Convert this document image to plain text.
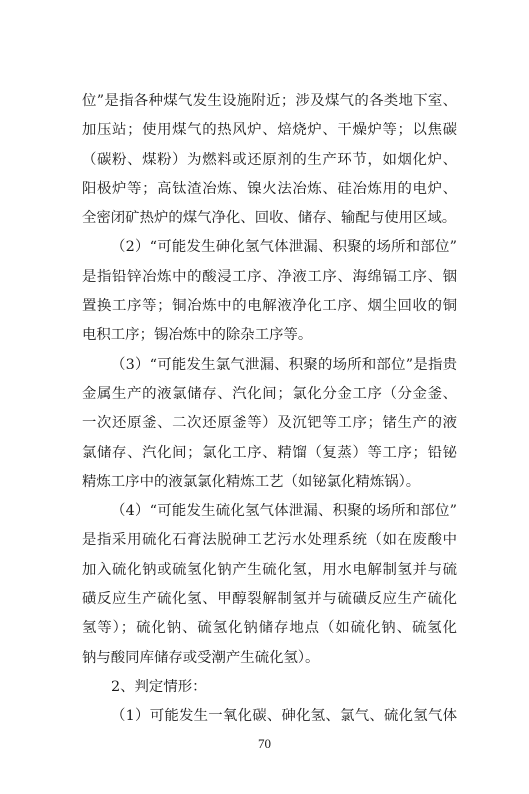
位”是指各种煤气发生设施附近；涉及煤气的各类地下室、
加压站；使用煤气的热风炉、焙烧炉、干燥炉等；以焦碳
（碳粉、煤粉）为燃料或还原剂的生产环节，如烟化炉、
阳极炉等；高钛渣冶炼、镍火法冶炼、硅冶炼用的电炉、
全密闭矿热炉的煤气净化、回收、储存、输配与使用区域。
（2）“可能发生砷化氢气体泄漏、积聚的场所和部位”
是指铅锌冶炼中的酸浸工序、净液工序、海绵镉工序、铟
置换工序等；铜冶炼中的电解液净化工序、烟尘回收的铜
电积工序；锡冶炼中的除杂工序等。
（3）“可能发生氯气泄漏、积聚的场所和部位”是指贵
金属生产的液氯储存、汽化间；氯化分金工序（分金釜、
一次还原釜、二次还原釜等）及沉钯等工序；锗生产的液
氯储存、汽化间；氯化工序、精馏（复蒸）等工序；铅铋
精炼工序中的液氯氯化精炼工艺（如铋氯化精炼锅）。
（4）“可能发生硫化氢气体泄漏、积聚的场所和部位”
是指采用硫化石膏法脱砷工艺污水处理系统（如在废酸中
加入硫化钠或硫氢化钠产生硫化氢，用水电解制氢并与硫
磺反应生产硫化氢、甲醇裂解制氢并与硫磺反应生产硫化
氢等）；硫化钠、硫氢化钠储存地点（如硫化钠、硫氢化
钠与酸同库储存或受潮产生硫化氢）。
2、判定情形：
（1）可能发生一氧化碳、砷化氢、氯气、硫化氢气体
70
